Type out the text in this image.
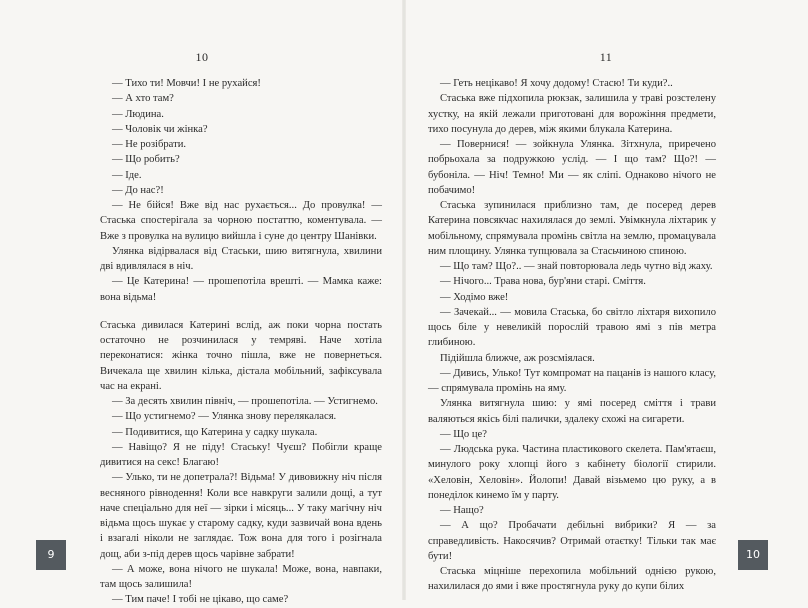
10

— Тихо ти! Мовчи! І не рухайся!

— А хто там?

— Людина.

— Чоловік чи жінка?

— Не розібрати.

— Що робить?

— Іде.

— До нас?!

— Не бійся! Вже від нас рухається... До провулка! — Стаська спостерігала за чорною постаттю, коментувала. — Вже з провулка на вулицю вийшла і суне до центру Шанівки.

Улянка відірвалася від Стаськи, шию витягнула, хвилини дві вдивлялася в ніч.

— Це Катерина! — прошепотіла врешті. — Мамка каже: вона відьма!

Стаська дивилася Катерині вслід, аж поки чорна постать остаточно не розчинилася у темряві. Наче хотіла переконатися: жінка точно пішла, вже не повернеться. Вичекала ще хвилин кілька, дістала мобільний, зафіксувала час на екрані.

— За десять хвилин північ, — прошепотіла. — Устигнемо.

— Що устигнемо? — Улянка знову перелякалася.

— Подивитися, що Катерина у садку шукала.

— Навіщо? Я не піду! Стаську! Чуєш? Побігли краще дивитися на секс! Благаю!

— Улько, ти не допетрала?! Відьма! У дивовижну ніч після весняного рівнодення! Коли все навкруги залили дощі, а тут наче спеціально для неї — зірки і місяць... У таку магічну ніч відьма щось шукає у старому садку, куди зазвичай вона вдень і взагалі ніколи не заглядає. Тож вона для того і розігнала дощ, аби з-під дерев щось чарівне забрати!

— А може, вона нічого не шукала! Може, вона, навпаки, там щось залишила!

— Тим паче! І тобі не цікаво, що саме?

9
11

— Геть нецікаво! Я хочу додому! Стасю! Ти куди?..

Стаська вже підхопила рюкзак, залишила у траві розстелену хустку, на якій лежали приготовані для ворожіння предмети, тихо посунула до дерев, між якими блукала Катерина.

— Повернися! — зойкнула Улянка. Зітхнула, приречено побрьохала за подружкою услід. — І що там? Що?! — бубоніла. — Ніч! Темно! Ми — як сліпі. Однаково нічого не побачимо!

Стаська зупинилася приблизно там, де посеред дерев Катерина повсякчас нахилялася до землі. Увімкнула ліхтарик у мобільному, спрямувала промінь світла на землю, промацувала ним площину. Улянка тупцювала за Стасьчиною спиною.

— Що там? Що?.. — знай повторювала ледь чутно від жаху.

— Нічого... Трава нова, бур'яни старі. Сміття.

— Ходімо вже!

— Зачекай... — мовила Стаська, бо світло ліхтаря вихопило щось біле у невеликій порослій травою ямі з пів метра глибиною.

Підійшла ближче, аж розсміялася.

— Дивись, Улько! Тут компромат на пацанів із нашого класу, — спрямувала промінь на яму.

Улянка витягнула шию: у ямі посеред сміття і трави валяються якісь білі палички, здалеку схожі на сигарети.

— Що це?

— Людська рука. Частина пластикового скелета. Пам'ятаєш, минулого року хлопці його з кабінету біології стирили. «Хеловін, Хеловін». Йолопи! Давай візьмемо цю руку, а в понеділок кинемо їм у парту.

— Нащо?

— А що? Пробачати дебільні вибрики? Я — за справедливість. Накосячив? Отримай отаєтку! Тільки так має бути!

Стаська міцніше перехопила мобільний однією рукою, нахилилася до ями і вже простягнула руку до купи білих

10
